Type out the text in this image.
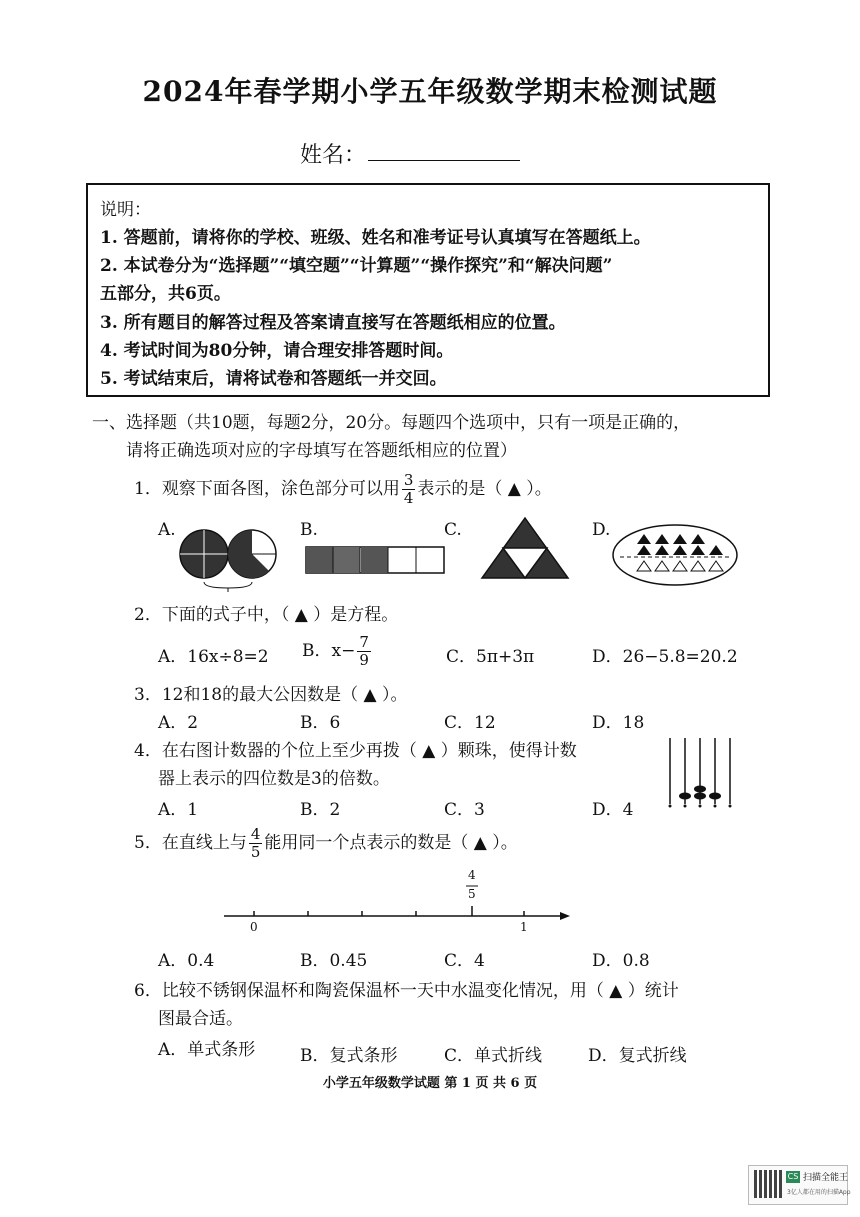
2024年春学期小学五年级数学期末检测试题
姓名：
说明：
1. 答题前，请将你的学校、班级、姓名和准考证号认真填写在答题纸上。
2. 本试卷分为“选择题”“填空题”“计算题”“操作探究”和“解决问题”
五部分，共6页。
3. 所有题目的解答过程及答案请直接写在答题纸相应的位置。
4. 考试时间为80分钟，请合理安排答题时间。
5. 考试结束后，请将试卷和答题纸一并交回。
一、选择题（共10题，每题2分，20分。每题四个选项中，只有一项是正确的，
请将正确选项对应的字母填写在答题纸相应的位置）
1．观察下面各图，涂色部分可以用 $\frac{3}{4}$ 表示的是（ ▲ ）。
A.	B.	C.	D.
2．下面的式子中，（ ▲ ）是方程。
A．16x÷8=2 B．$x- \frac{7}{9}$	C．5π+3π	D．26−5.8=20.2
3．12和18的最大公因数是（ ▲ ）。
A．2	B．6	C．12	D．18
4．在右图计数器的个位上至少再拨（ ▲ ）颗珠，使得计数
器上表示的四位数是3的倍数。
A．1	B．2	C．3	D．4
5．在直线上与 $\frac{4}{5}$ 能用同一个点表示的数是（ ▲ ）。
4
5
0	1
A．0.4	B．0.45	C．4	D．0.8
6．比较不锈钢保温杯和陶瓷保温杯一天中水温变化情况，用（ ▲ ）统计
图最合适。
A．单式条形	B．复式条形	C．单式折线	D．复式折线
小学五年级数学试题 第 1 页 共 6 页
CS 扫描全能王
3亿人都在用的扫描App
